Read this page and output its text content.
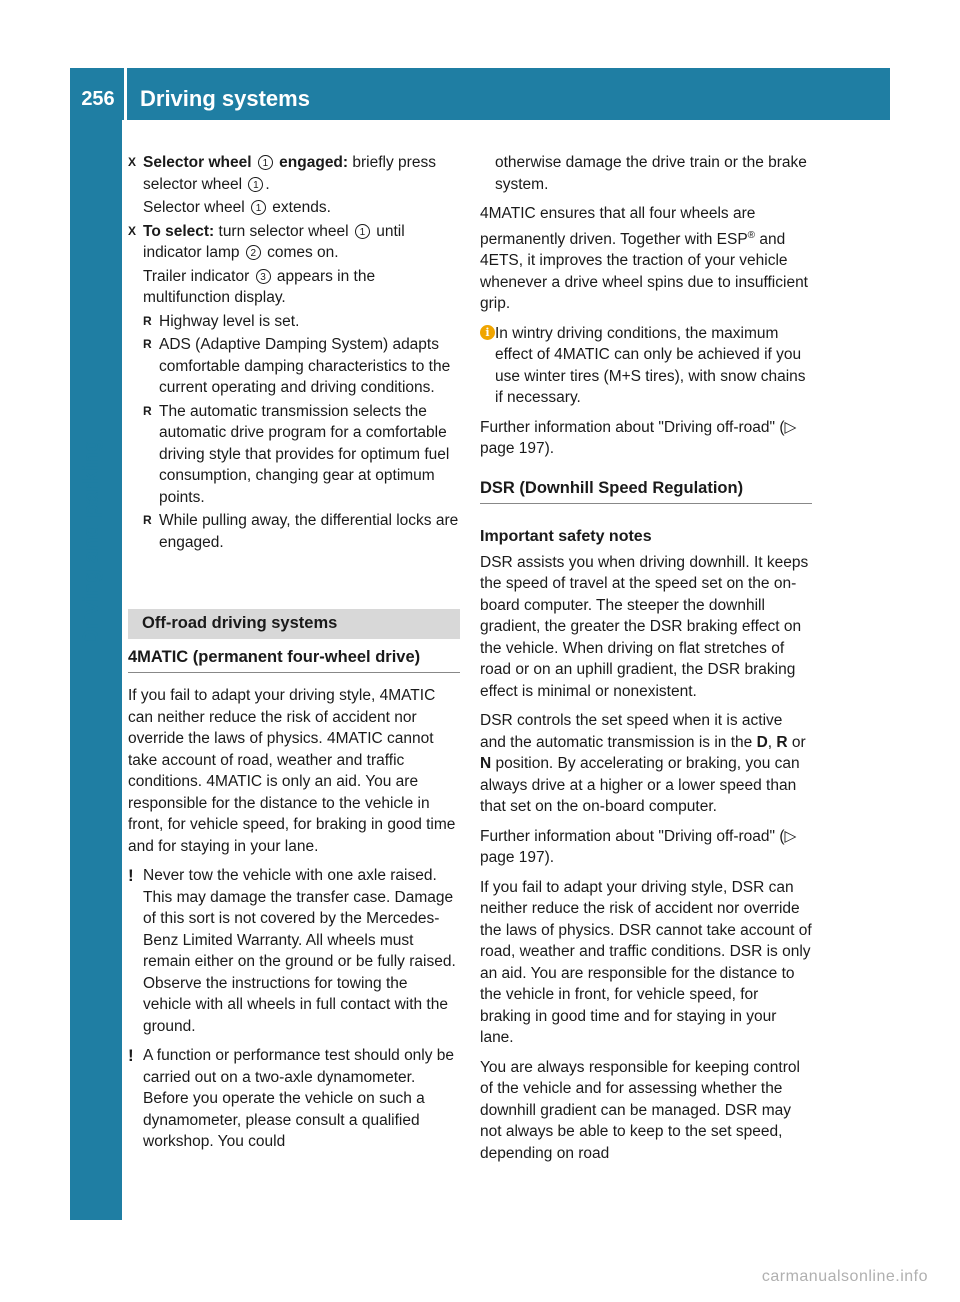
256	Driving systems
Driving and parking
X Selector wheel 1 engaged: briefly press selector wheel 1 .
Selector wheel 1 extends.
X To select: turn selector wheel 1 until indicator lamp 2 comes on.
Trailer indicator 3 appears in the multifunction display.
R Highway level is set.
R ADS (Adaptive Damping System) adapts comfortable damping characteristics to the current operating and driving conditions.
R The automatic transmission selects the automatic drive program for a comfortable driving style that provides for optimum fuel consumption, changing gear at optimum points.
R While pulling away, the differential locks are engaged.
Off-road driving systems
4MATIC (permanent four-wheel drive)

If you fail to adapt your driving style, 4MATIC can neither reduce the risk of accident nor override the laws of physics. 4MATIC cannot take account of road, weather and traffic conditions. 4MATIC is only an aid. You are responsible for the distance to the vehicle in front, for vehicle speed, for braking in good time and for staying in your lane.

! Never tow the vehicle with one axle raised. This may damage the transfer case. Damage of this sort is not covered by the Mercedes-Benz Limited Warranty. All wheels must remain either on the ground or be fully raised. Observe the instructions for towing the vehicle with all wheels in full contact with the ground.

! A function or performance test should only be carried out on a two-axle dynamometer. Before you operate the vehicle on such a dynamometer, please consult a qualified workshop. You could

otherwise damage the drive train or the brake system.

4MATIC ensures that all four wheels are permanently driven. Together with ESP® and 4ETS, it improves the traction of your vehicle whenever a drive wheel spins due to insufficient grip.

i In wintry driving conditions, the maximum effect of 4MATIC can only be achieved if you use winter tires (M+S tires), with snow chains if necessary.

Further information about "Driving off-road" (▷ page 197).

DSR (Downhill Speed Regulation)
Important safety notes

DSR assists you when driving downhill. It keeps the speed of travel at the speed set on the on-board computer. The steeper the downhill gradient, the greater the DSR braking effect on the vehicle. When driving on flat stretches of road or on an uphill gradient, the DSR braking effect is minimal or nonexistent.

DSR controls the set speed when it is active and the automatic transmission is in the D, R or N position. By accelerating or braking, you can always drive at a higher or a lower speed than that set on the on-board computer.

Further information about "Driving off-road" (▷ page 197).

If you fail to adapt your driving style, DSR can neither reduce the risk of accident nor override the laws of physics. DSR cannot take account of road, weather and traffic conditions. DSR is only an aid. You are responsible for the distance to the vehicle in front, for vehicle speed, for braking in good time and for staying in your lane.

You are always responsible for keeping control of the vehicle and for assessing whether the downhill gradient can be managed. DSR may not always be able to keep to the set speed, depending on road

carmanualsonline.info
